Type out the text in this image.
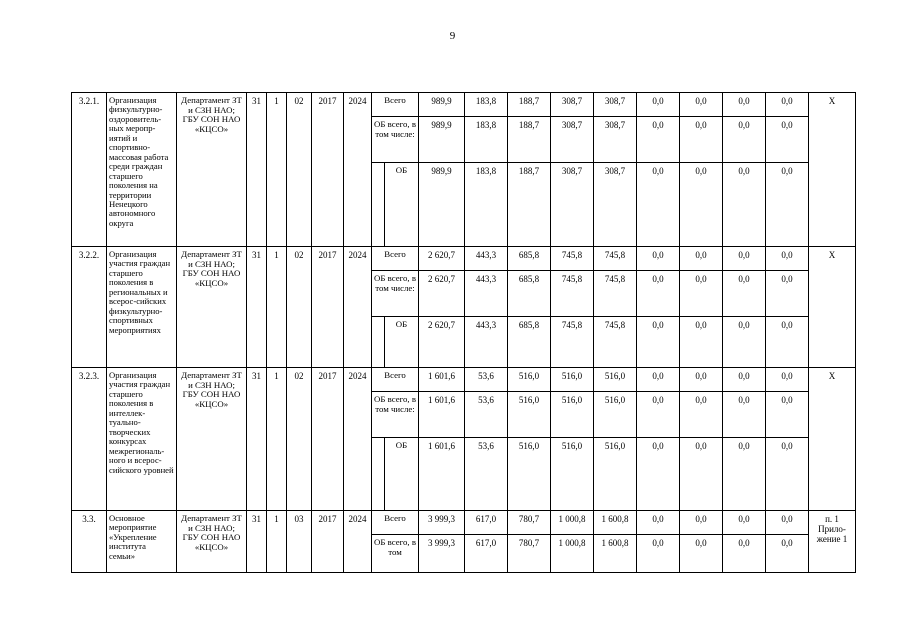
9
3.2.1.	Организация физкультурно-оздоровитель-ных меропр-иятий и спортивно-массовая работа среди граждан старшего поколения на территории Ненецкого автономного округа	Департамент ЗТ и СЗН НАО; ГБУ СОН НАО «КЦСО»	31	1	02	2017	2024	Всего		989,9	183,8	188,7	308,7	308,7	0,0	0,0	0,0	0,0	X
								ОБ всего, в том числе:		989,9	183,8	188,7	308,7	308,7	0,0	0,0	0,0	0,0	
									ОБ	989,9	183,8	188,7	308,7	308,7	0,0	0,0	0,0	0,0	
3.2.2.	Организация участия граждан старшего поколения в региональных и всерос-сийских физкультурно-спортивных мероприятиях	Департамент ЗТ и СЗН НАО; ГБУ СОН НАО «КЦСО»	31	1	02	2017	2024	Всего		2 620,7	443,3	685,8	745,8	745,8	0,0	0,0	0,0	0,0	X
								ОБ всего, в том числе:		2 620,7	443,3	685,8	745,8	745,8	0,0	0,0	0,0	0,0	
									ОБ	2 620,7	443,3	685,8	745,8	745,8	0,0	0,0	0,0	0,0	
3.2.3.	Организация участия граждан старшего поколения в интеллек-туально-творческих конкурсах межрегиональ-ного и всерос-сийского уровней	Департамент ЗТ и СЗН НАО; ГБУ СОН НАО «КЦСО»	31	1	02	2017	2024	Всего		1 601,6	53,6	516,0	516,0	516,0	0,0	0,0	0,0	0,0	X
								ОБ всего, в том числе:		1 601,6	53,6	516,0	516,0	516,0	0,0	0,0	0,0	0,0	
									ОБ	1 601,6	53,6	516,0	516,0	516,0	0,0	0,0	0,0	0,0	
3.3.	Основное мероприятие «Укрепление института семьи»	Департамент ЗТ и СЗН НАО; ГБУ СОН НАО «КЦСО»	31	1	03	2017	2024	Всего		3 999,3	617,0	780,7	1 000,8	1 600,8	0,0	0,0	0,0	0,0	п. 1 Прило-жение 1
								ОБ всего, в том		3 999,3	617,0	780,7	1 000,8	1 600,8	0,0	0,0	0,0	0,0	
